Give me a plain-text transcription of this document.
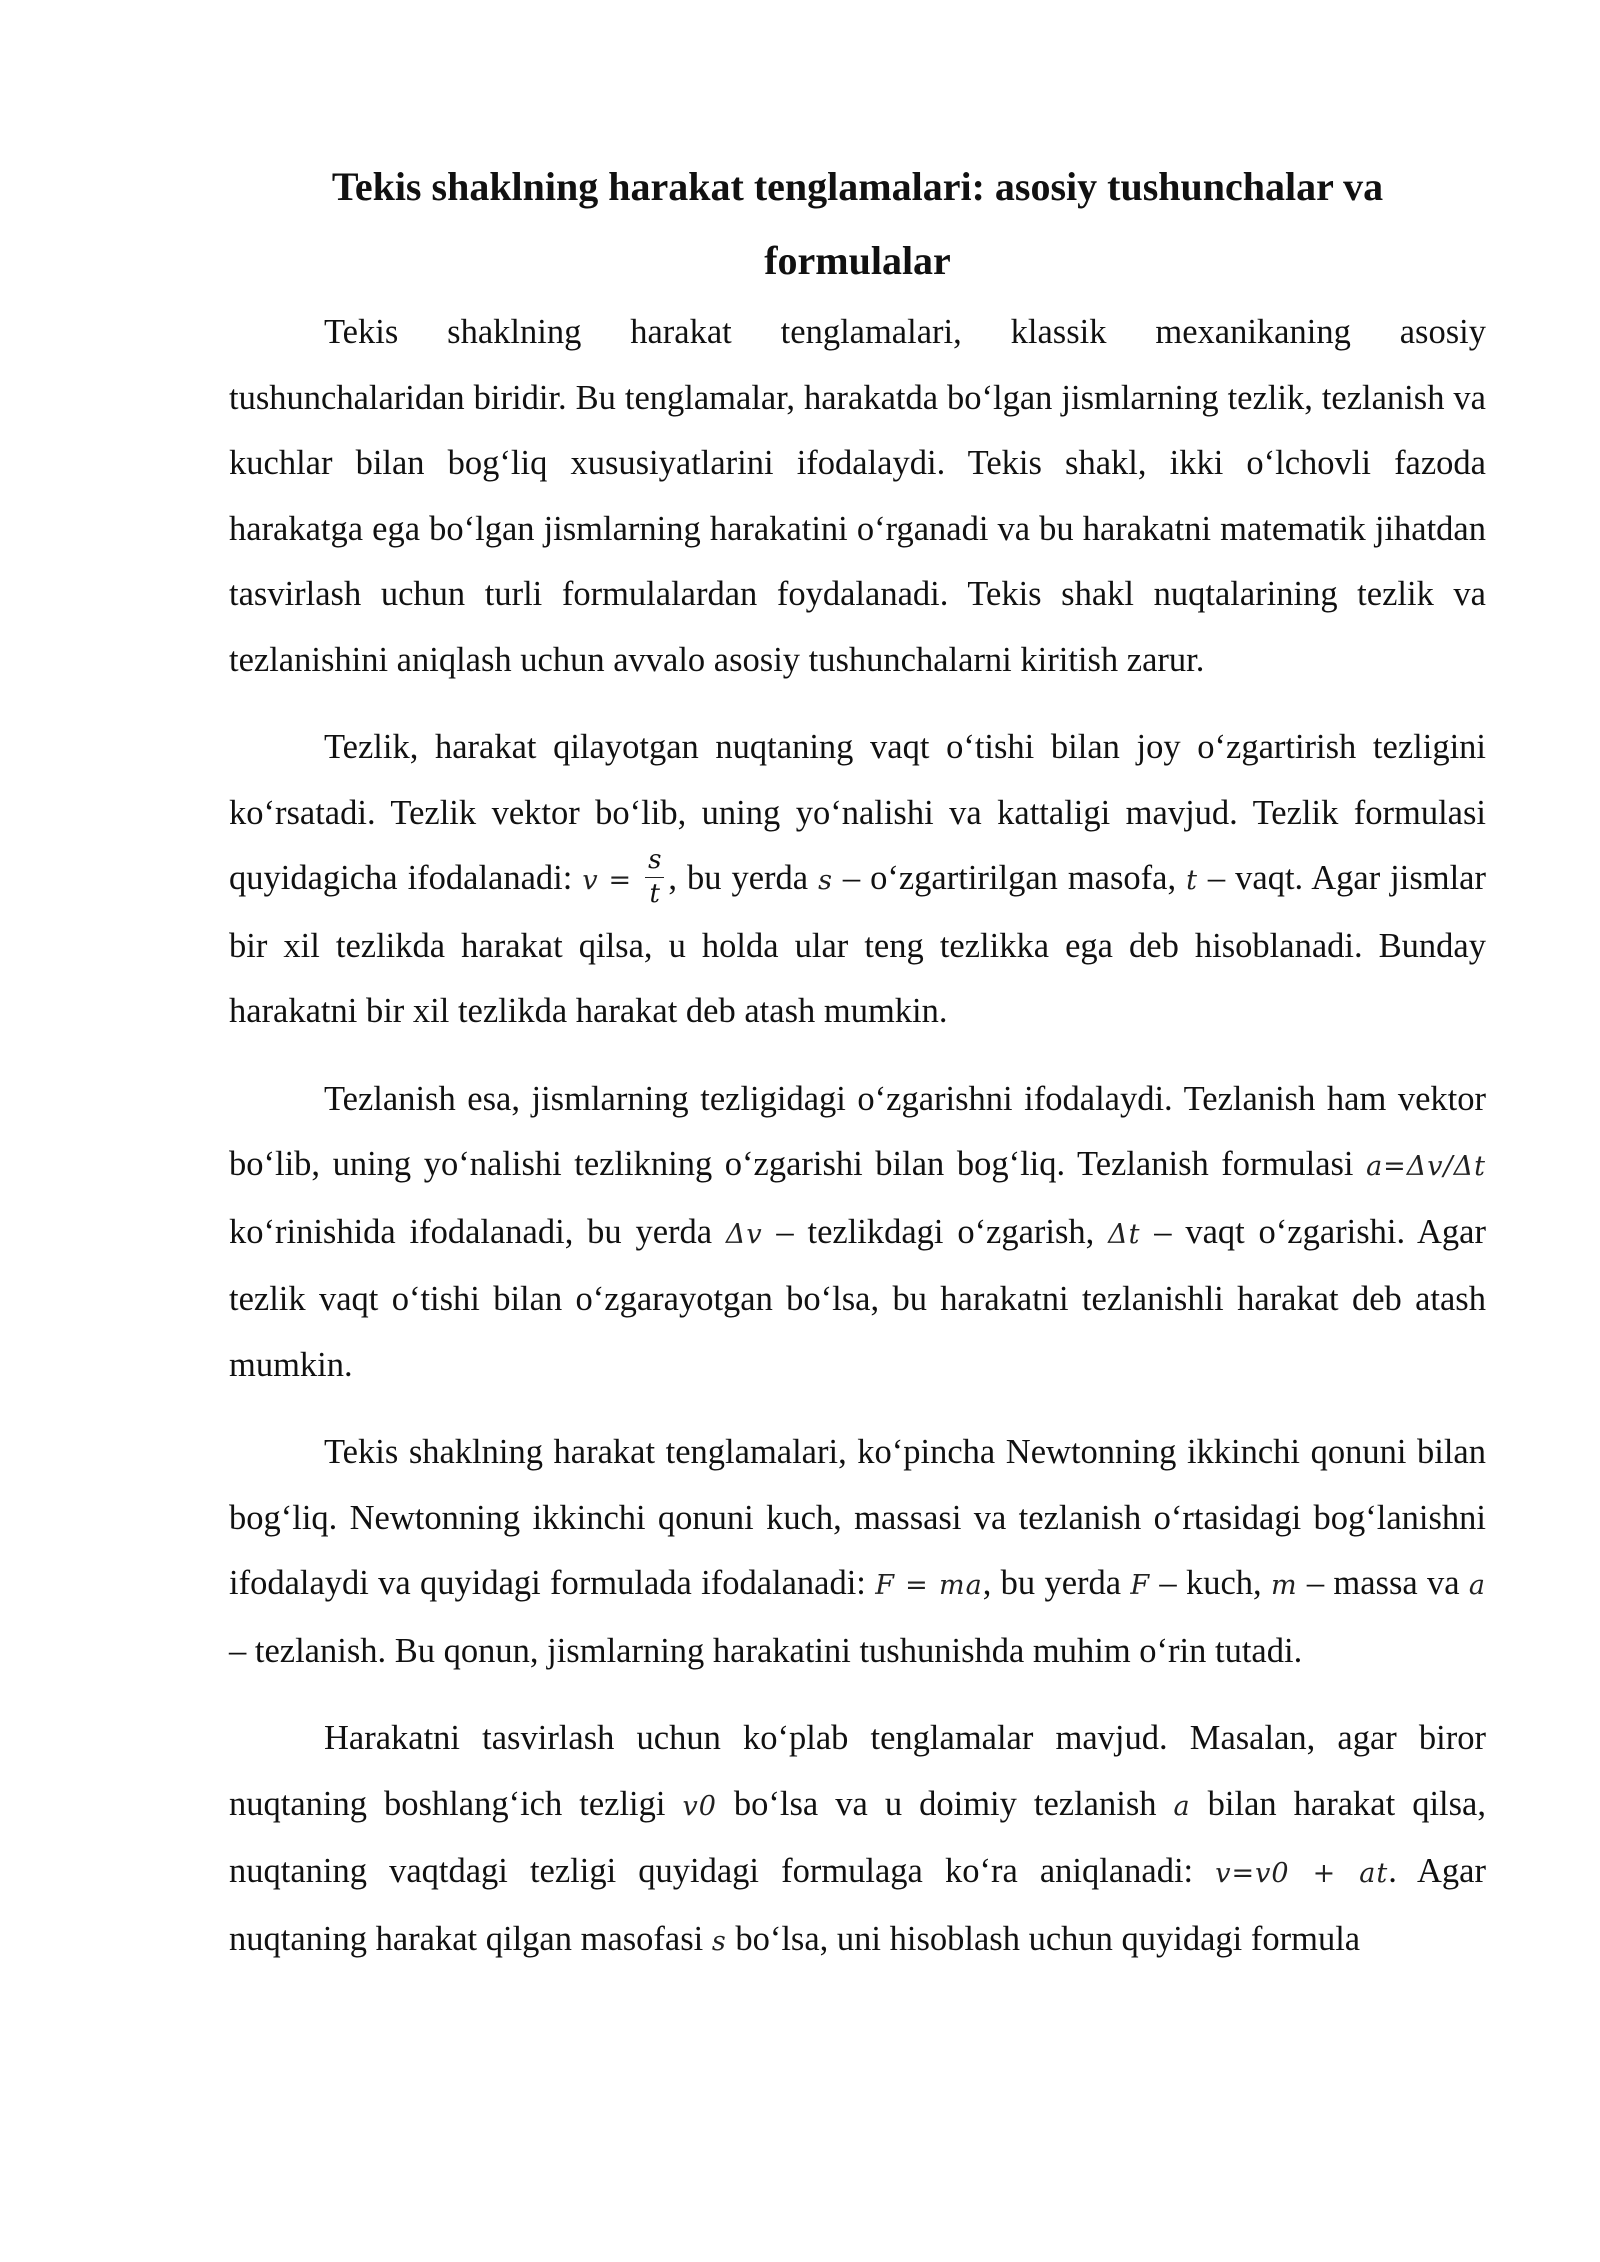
Tekis shaklning harakat tenglamalari: asosiy tushunchalar va
formulalar

Tekis shaklning harakat tenglamalari, klassik mexanikaning asosiy tushunchalaridan biridir. Bu tenglamalar, harakatda bo‘lgan jismlarning tezlik, tezlanish va kuchlar bilan bog‘liq xususiyatlarini ifodalaydi. Tekis shakl, ikki o‘lchovli fazoda harakatga ega bo‘lgan jismlarning harakatini o‘rganadi va bu harakatni matematik jihatdan tasvirlash uchun turli formulalardan foydalanadi. Tekis shakl nuqtalarining tezlik va tezlanishini aniqlash uchun avvalo asosiy tushunchalarni kiritish zarur.

Tezlik, harakat qilayotgan nuqtaning vaqt o‘tishi bilan joy o‘zgartirish tezligini ko‘rsatadi. Tezlik vektor bo‘lib, uning yo‘nalishi va kattaligi mavjud. Tezlik formulasi quyidagicha ifodalanadi: $v = \frac{s}{t}$ , bu yerda s – o‘zgartirilgan masofa, t – vaqt. Agar jismlar bir xil tezlikda harakat qilsa, u holda ular teng tezlikka ega deb hisoblanadi. Bunday harakatni bir xil tezlikda harakat deb atash mumkin.

Tezlanish esa, jismlarning tezligidagi o‘zgarishni ifodalaydi. Tezlanish ham vektor bo‘lib, uning yo‘nalishi tezlikning o‘zgarishi bilan bog‘liq. Tezlanish formulasi a=Δv/Δt ko‘rinishida ifodalanadi, bu yerda Δv – tezlikdagi o‘zgarish, Δt – vaqt o‘zgarishi. Agar tezlik vaqt o‘tishi bilan o‘zgarayotgan bo‘lsa, bu harakatni tezlanishli harakat deb atash mumkin.

Tekis shaklning harakat tenglamalari, ko‘pincha Newtonning ikkinchi qonuni bilan bog‘liq. Newtonning ikkinchi qonuni kuch, massasi va tezlanish o‘rtasidagi bog‘lanishni ifodalaydi va quyidagi formulada ifodalanadi: F = ma, bu yerda F – kuch, m – massa va a – tezlanish. Bu qonun, jismlarning harakatini tushunishda muhim o‘rin tutadi.

Harakatni tasvirlash uchun ko‘plab tenglamalar mavjud. Masalan, agar biror nuqtaning boshlang‘ich tezligi v0 bo‘lsa va u doimiy tezlanish a bilan harakat qilsa, nuqtaning vaqtdagi tezligi quyidagi formulaga ko‘ra aniqlanadi: v=v0 + at. Agar nuqtaning harakat qilgan masofasi s bo‘lsa, uni hisoblash uchun quyidagi formula
